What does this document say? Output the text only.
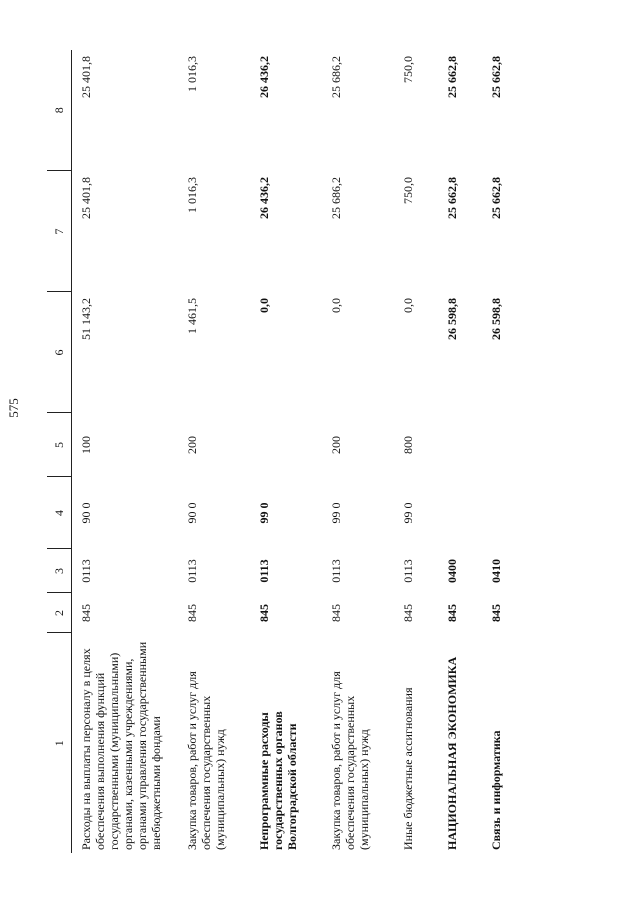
575
1	2	3	4	5	6	7	8
Расходы на выплаты персоналу в целях обеспечения выполнения функций государственными (муниципальными) органами, казенными учреждениями, органами управления государственными внебюджетными фондами	845	0113	90 0	100	51 143,2	25 401,8	25 401,8
Закупка товаров, работ и услуг для обеспечения государственных (муниципальных) нужд	845	0113	90 0	200	1 461,5	1 016,3	1 016,3
Непрограммные расходы государственных органов Волгоградской области	845	0113	99 0		0,0	26 436,2	26 436,2
Закупка товаров, работ и услуг для обеспечения государственных (муниципальных) нужд	845	0113	99 0	200	0,0	25 686,2	25 686,2
Иные бюджетные ассигнования	845	0113	99 0	800	0,0	750,0	750,0
НАЦИОНАЛЬНАЯ ЭКОНОМИКА	845	0400			26 598,8	25 662,8	25 662,8
Связь и информатика	845	0410			26 598,8	25 662,8	25 662,8
